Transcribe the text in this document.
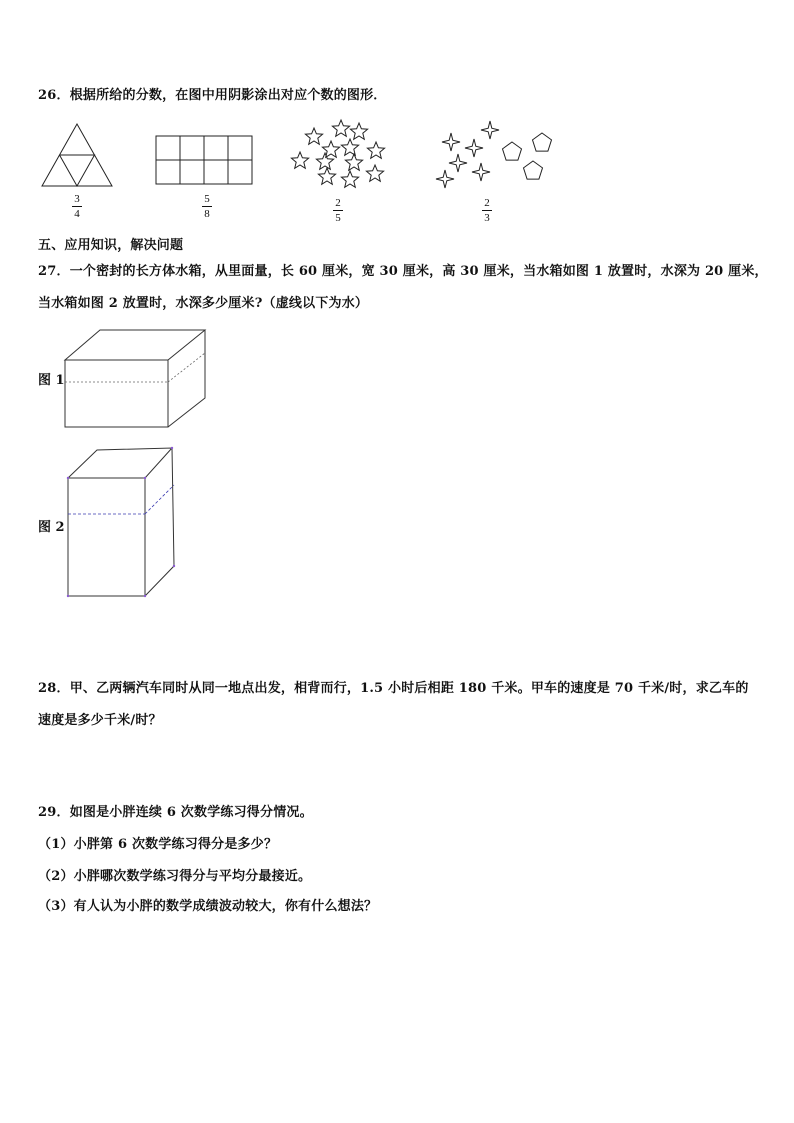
26．根据所给的分数，在图中用阴影涂出对应个数的图形．
3
4
5
8
2
5
2
3
五、应用知识，解决问题
27．一个密封的长方体水箱，从里面量，长 60 厘米，宽 30 厘米，高 30 厘米，当水箱如图 1 放置时，水深为 20 厘米，
当水箱如图 2 放置时，水深多少厘米?（虚线以下为水）
图 1
图 2
28．甲、乙两辆汽车同时从同一地点出发，相背而行，1.5 小时后相距 180 千米。甲车的速度是 70 千米/时，求乙车的
速度是多少千米/时？
29．如图是小胖连续 6 次数学练习得分情况。
（1）小胖第 6 次数学练习得分是多少？
（2）小胖哪次数学练习得分与平均分最接近。
（3）有人认为小胖的数学成绩波动较大，你有什么想法？
